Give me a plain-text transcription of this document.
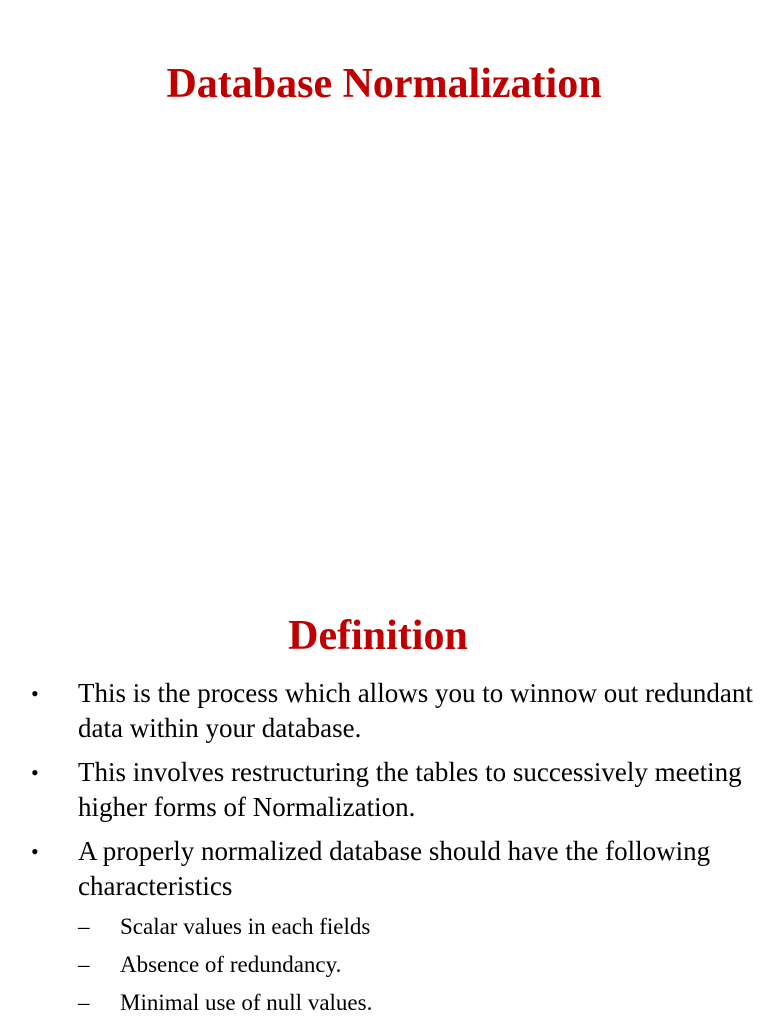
Database Normalization
Definition
• This is the process which allows you to winnow out redundant data within your database.
• This involves restructuring the tables to successively meeting higher forms of Normalization.
• A properly normalized database should have the following characteristics
– Scalar values in each fields
– Absence of redundancy.
– Minimal use of null values.
